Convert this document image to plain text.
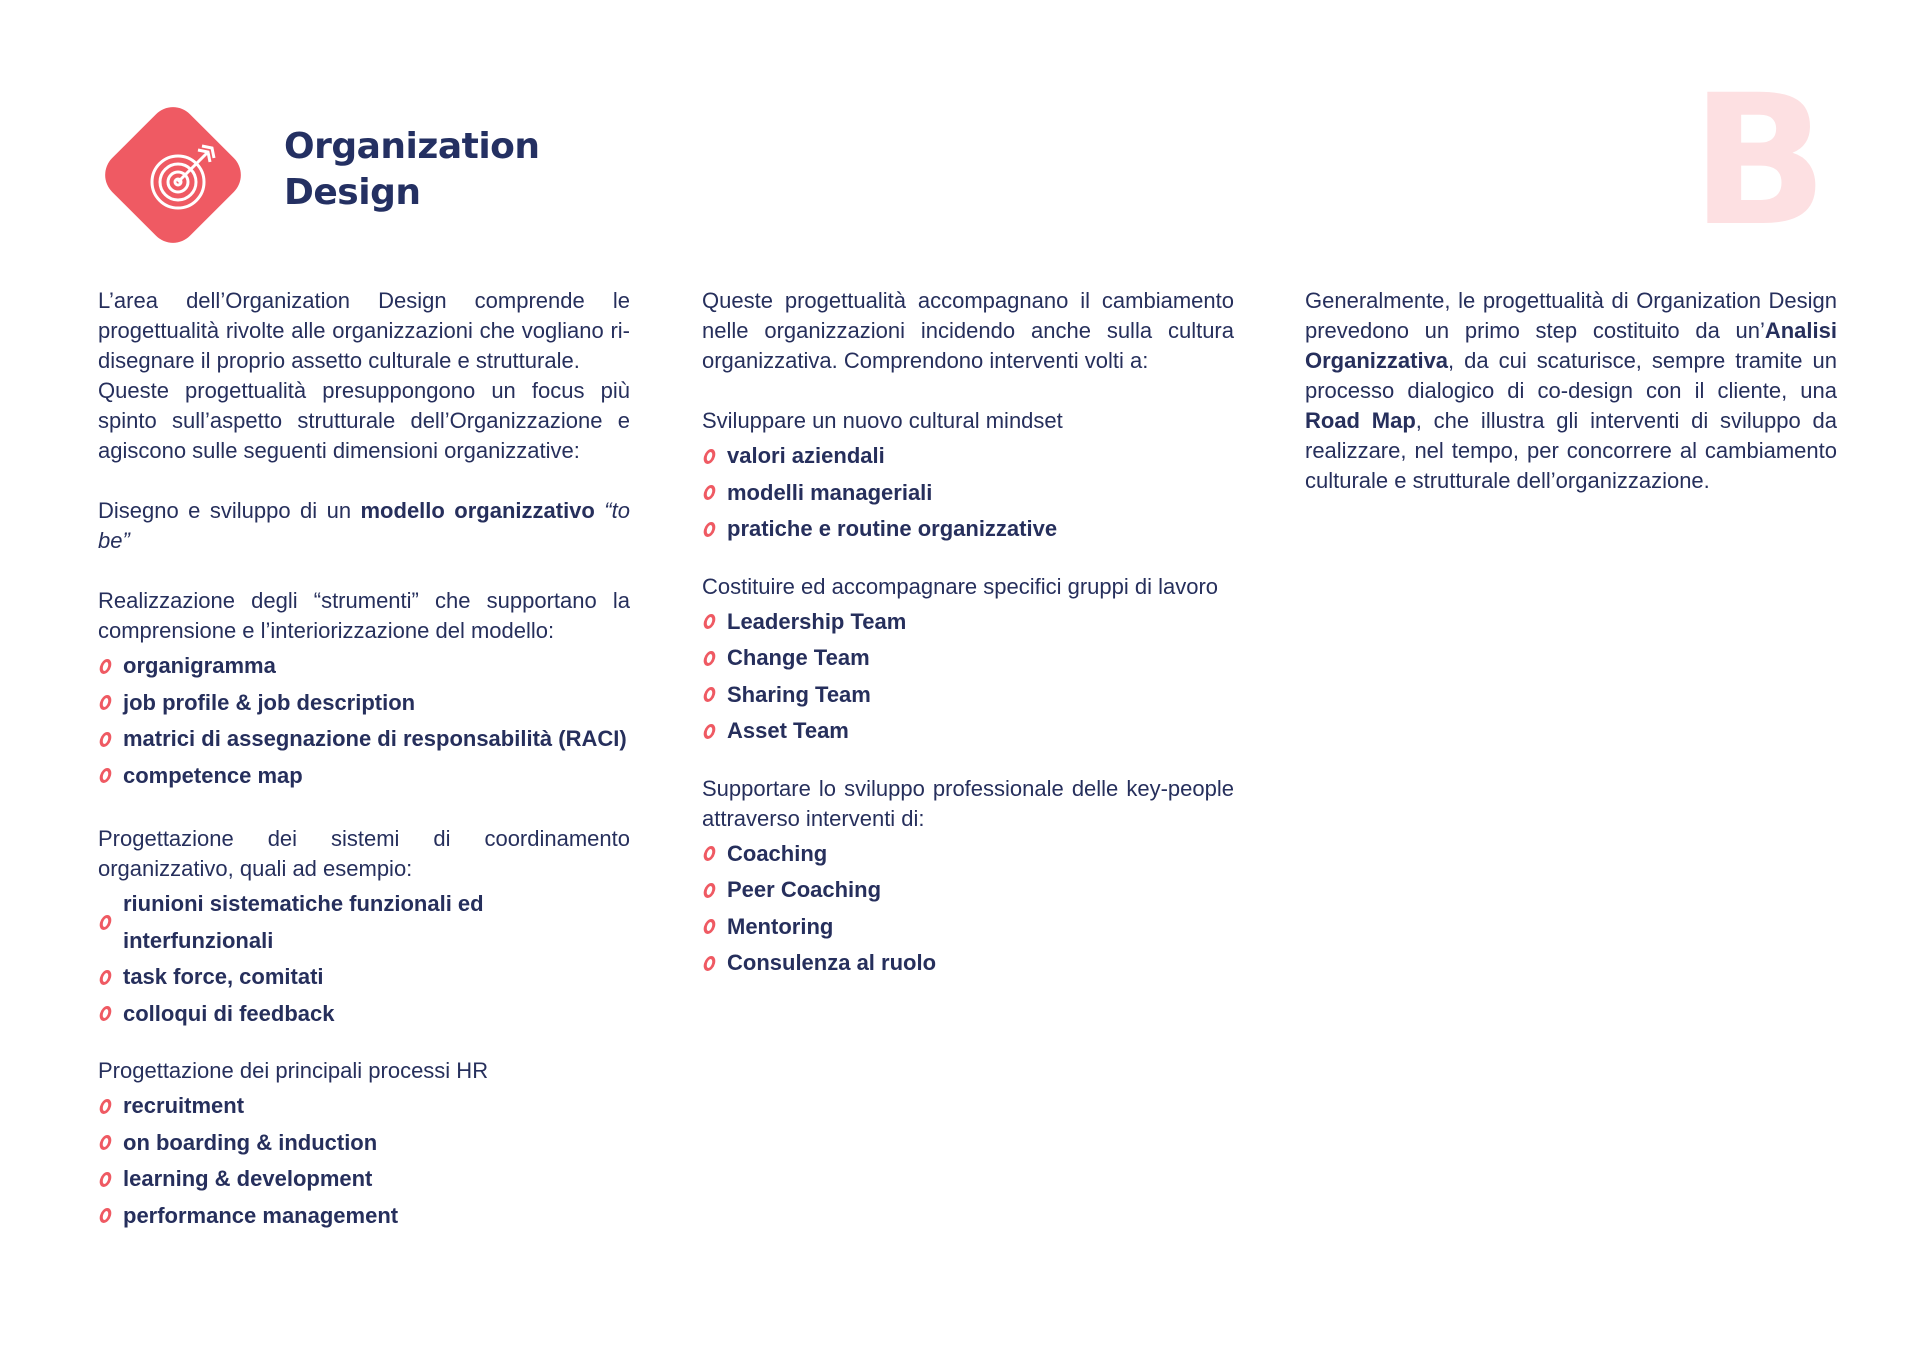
Organization
Design	B

L’area dell’Organization Design comprende le progettualità rivolte alle organizzazioni che vogliano ri-disegnare il proprio assetto culturale e strutturale.

Queste progettualità presuppongono un focus più spinto sull’aspetto strutturale dell’Organizzazione e agiscono sulle seguenti dimensioni organizzative:

Disegno e sviluppo di un modello organizzativo “to be”

Realizzazione degli “strumenti” che supportano la comprensione e l’interiorizzazione del modello:

organigramma
job profile & job description
matrici di assegnazione di responsabilità (RACI)
competence map

Progettazione dei sistemi di coordinamento organizzativo, quali ad esempio:

riunioni sistematiche funzionali ed interfunzionali
task force, comitati
colloqui di feedback

Progettazione dei principali processi HR

recruitment
on boarding & induction
learning & development
performance management

Queste progettualità accompagnano il cambiamento nelle organizzazioni incidendo anche sulla cultura organizzativa. Comprendono interventi volti a:

Sviluppare un nuovo cultural mindset

valori aziendali
modelli manageriali
pratiche e routine organizzative

Costituire ed accompagnare specifici gruppi di lavoro

Leadership Team
Change Team
Sharing Team
Asset Team

Supportare lo sviluppo professionale delle key-people attraverso interventi di:

Coaching
Peer Coaching
Mentoring
Consulenza al ruolo

Generalmente, le progettualità di Organization Design prevedono un primo step costituito da un’Analisi Organizzativa, da cui scaturisce, sempre tramite un processo dialogico di co-design con il cliente, una Road Map, che illustra gli interventi di sviluppo da realizzare, nel tempo, per concorrere al cambiamento culturale e strutturale dell’organizzazione.
